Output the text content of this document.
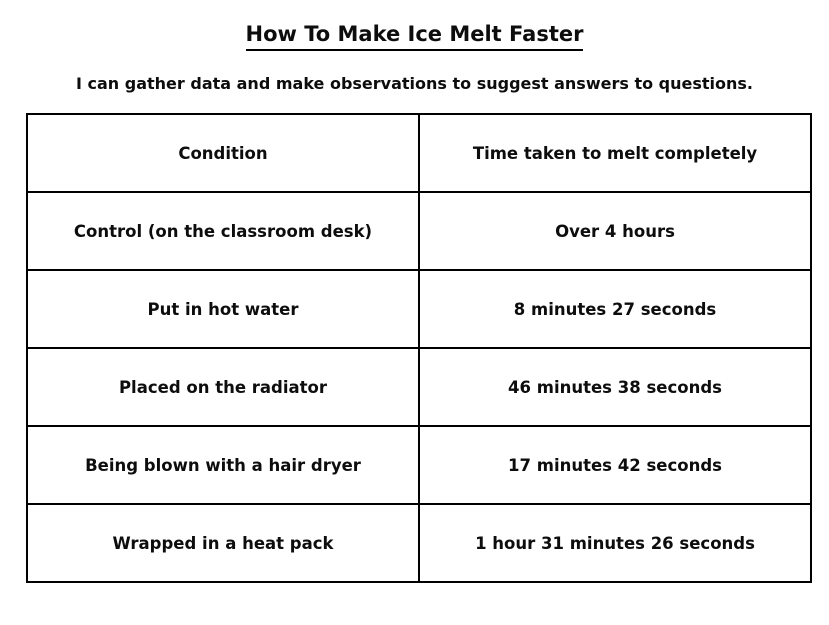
How To Make Ice Melt Faster

I can gather data and make observations to suggest answers to questions.

Condition	Time taken to melt completely
Control (on the classroom desk)	Over 4 hours
Put in hot water	8 minutes 27 seconds
Placed on the radiator	46 minutes 38 seconds
Being blown with a hair dryer	17 minutes 42 seconds
Wrapped in a heat pack	1 hour 31 minutes 26 seconds
